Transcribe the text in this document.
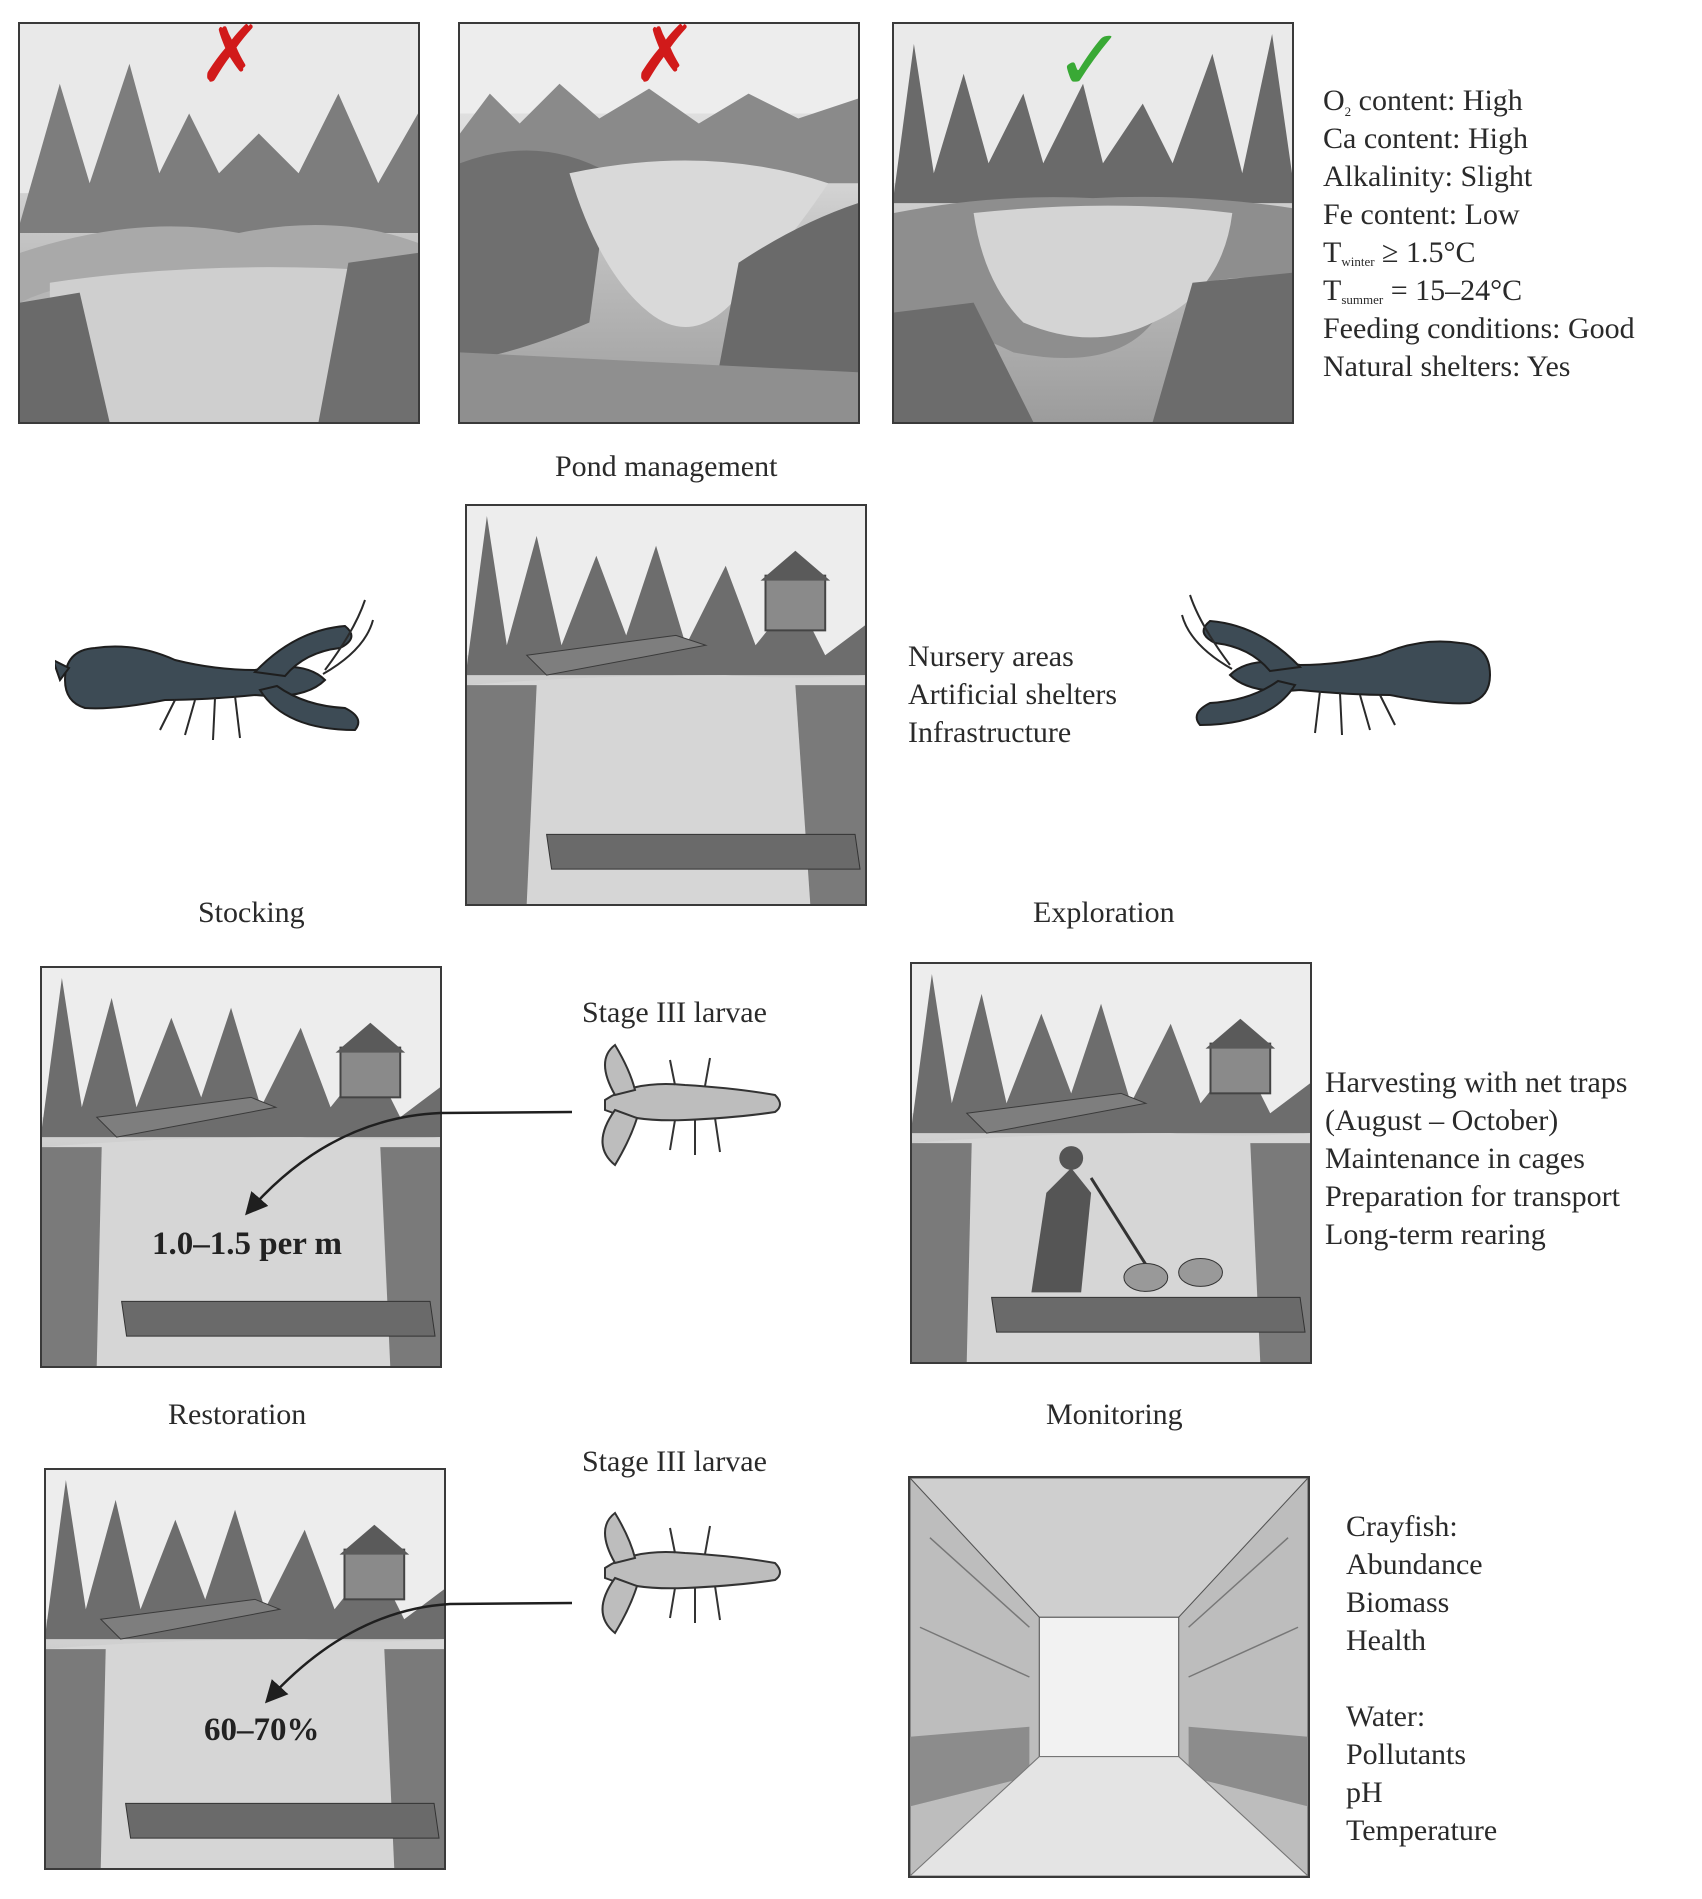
✗	✗	✓	$O_2$ content: High
Ca content: High
Alkalinity: Slight
Fe content: Low
$T_{winter} \ge 1.5^\circ C$
$T_{summer} = 15-24^\circ C$
Feeding conditions: Good
Natural shelters: Yes
Pond management
Nursery areas
Artificial shelters
Infrastructure
Stocking	Exploration
1.0–1.5 per m
Stage III larvae
Harvesting with net traps
(August – October)
Maintenance in cages
Preparation for transport
Long-term rearing
Restoration	Monitoring
60–70%
Stage III larvae
Crayfish:
Abundance
Biomass
Health
Water:
Pollutants
pH
Temperature
